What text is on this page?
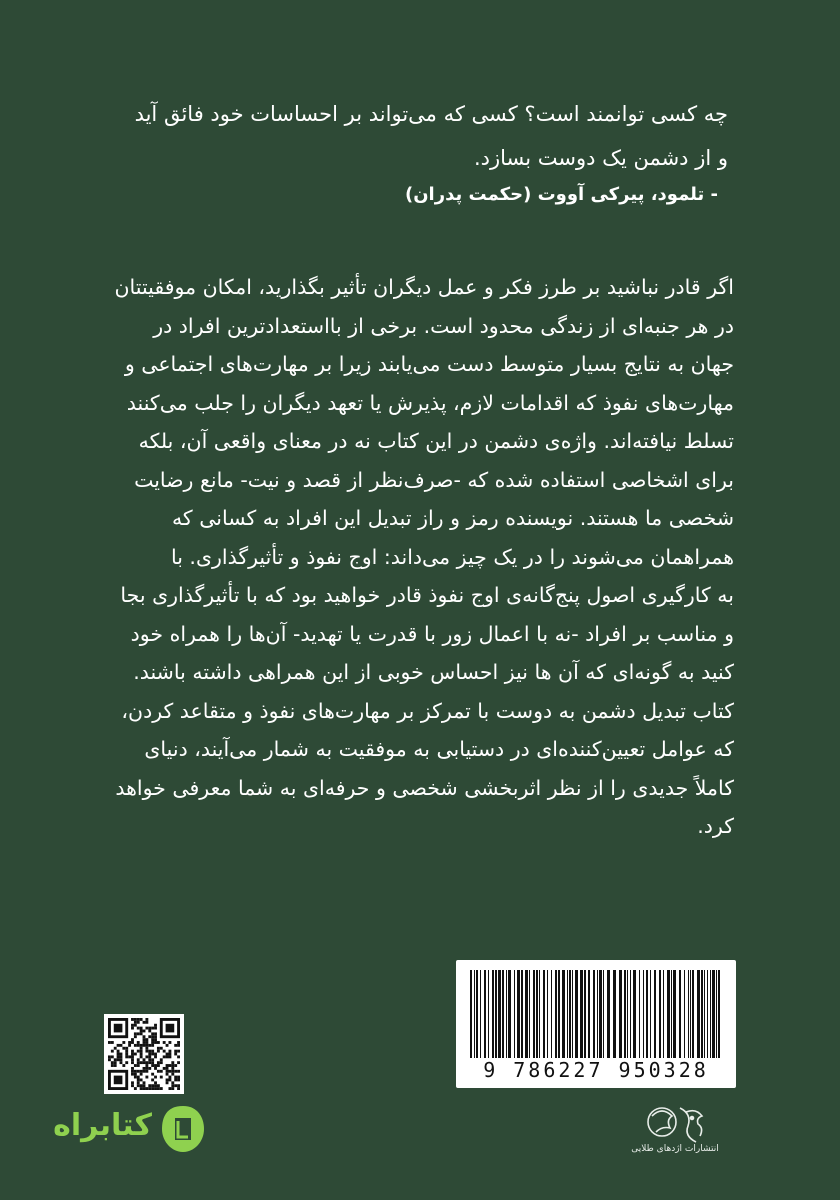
چه کسی توانمند است؟ کسی که می‌تواند بر احساسات خود فائق آید

و از دشمن یک دوست بسازد.

- تلمود، پیرکی آووت (حکمت پدران)

اگر قادر نباشید بر طرز فکر و عمل دیگران تأثیر بگذارید، امکان موفقیتتان

در هر جنبه‌ای از زندگی محدود است. برخی از بااستعدادترین افراد در

جهان به نتایج بسیار متوسط دست می‌یابند زیرا بر مهارت‌های اجتماعی و

مهارت‌های نفوذ که اقدامات لازم، پذیرش یا تعهد دیگران را جلب می‌کنند

تسلط نیافته‌اند. واژه‌ی دشمن در این کتاب نه در معنای واقعی آن، بلکه

برای اشخاصی استفاده شده که -صرف‌نظر از قصد و نیت- مانع رضایت

شخصی ما هستند. نویسنده رمز و راز تبدیل این افراد به کسانی که

همراهمان می‌شوند را در یک چیز می‌داند: اوج نفوذ و تأثیرگذاری. با

به کارگیری اصول پنج‌گانه‌ی اوج نفوذ قادر خواهید بود که با تأثیرگذاری بجا

و مناسب بر افراد -نه با اعمال زور با قدرت یا تهدید- آن‌ها را همراه خود

کنید به گونه‌ای که آن ها نیز احساس خوبی از این همراهی داشته باشند.

کتاب تبدیل دشمن به دوست با تمرکز بر مهارت‌های نفوذ و متقاعد کردن،

که عوامل تعیین‌کننده‌ای در دستیابی به موفقیت به شمار می‌آیند، دنیای

کاملاً جدیدی را از نظر اثربخشی شخصی و حرفه‌ای به شما معرفی خواهد

کرد.

9 786227 950328
انتشارات اژدهای طلایی
کتابراه
